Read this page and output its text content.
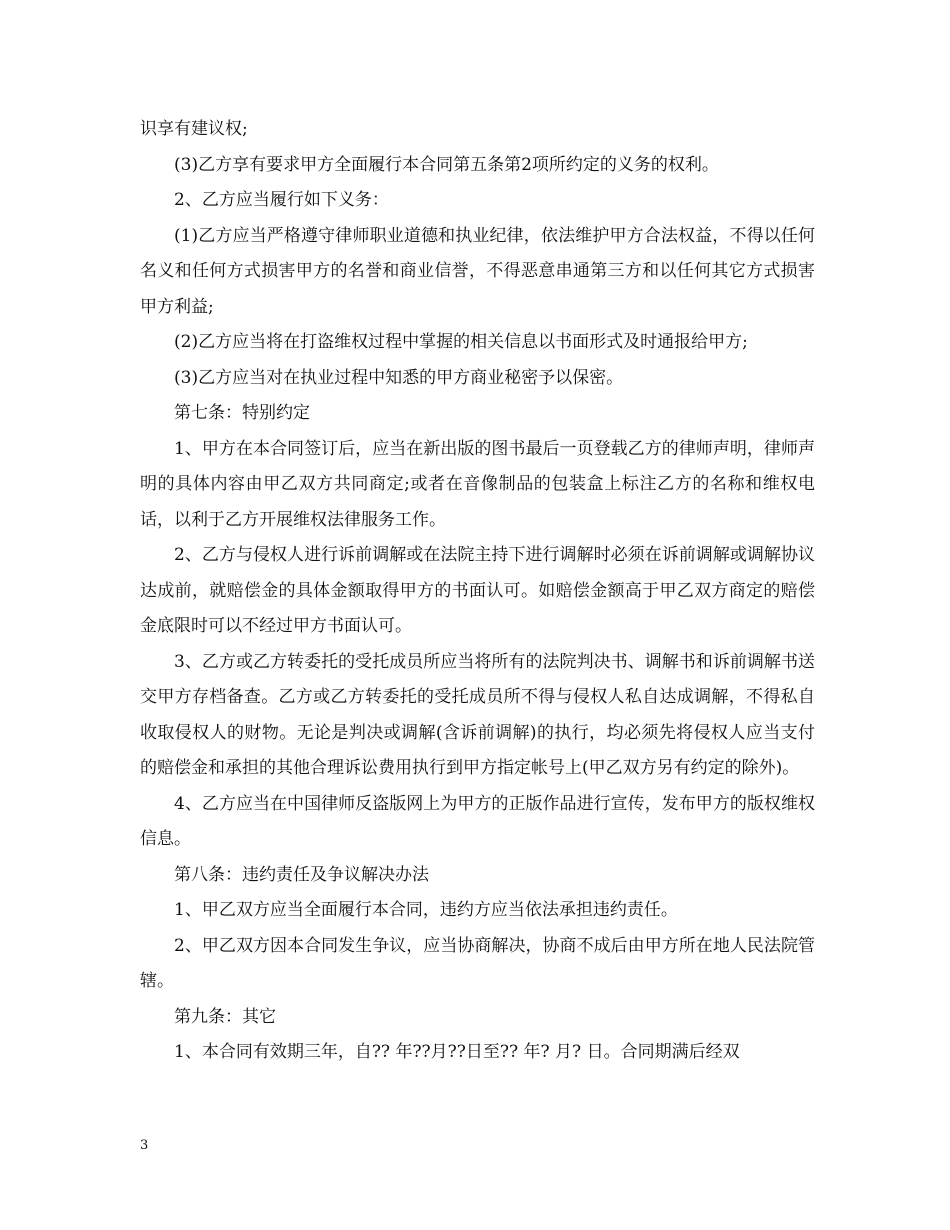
识享有建议权;

(3)乙方享有要求甲方全面履行本合同第五条第2项所约定的义务的权利。

2、乙方应当履行如下义务：

(1)乙方应当严格遵守律师职业道德和执业纪律，依法维护甲方合法权益，不得以任何名义和任何方式损害甲方的名誉和商业信誉，不得恶意串通第三方和以任何其它方式损害甲方利益;

(2)乙方应当将在打盗维权过程中掌握的相关信息以书面形式及时通报给甲方;

(3)乙方应当对在执业过程中知悉的甲方商业秘密予以保密。

第七条：特别约定

1、甲方在本合同签订后，应当在新出版的图书最后一页登载乙方的律师声明，律师声明的具体内容由甲乙双方共同商定;或者在音像制品的包装盒上标注乙方的名称和维权电话，以利于乙方开展维权法律服务工作。

2、乙方与侵权人进行诉前调解或在法院主持下进行调解时必须在诉前调解或调解协议达成前，就赔偿金的具体金额取得甲方的书面认可。如赔偿金额高于甲乙双方商定的赔偿金底限时可以不经过甲方书面认可。

3、乙方或乙方转委托的受托成员所应当将所有的法院判决书、调解书和诉前调解书送交甲方存档备查。乙方或乙方转委托的受托成员所不得与侵权人私自达成调解，不得私自收取侵权人的财物。无论是判决或调解(含诉前调解)的执行，均必须先将侵权人应当支付的赔偿金和承担的其他合理诉讼费用执行到甲方指定帐号上(甲乙双方另有约定的除外)。

4、乙方应当在中国律师反盗版网上为甲方的正版作品进行宣传，发布甲方的版权维权信息。

第八条：违约责任及争议解决办法

1、甲乙双方应当全面履行本合同，违约方应当依法承担违约责任。

2、甲乙双方因本合同发生争议，应当协商解决，协商不成后由甲方所在地人民法院管辖。

第九条：其它

1、本合同有效期三年，自?? 年??月??日至?? 年? 月? 日。合同期满后经双

3
